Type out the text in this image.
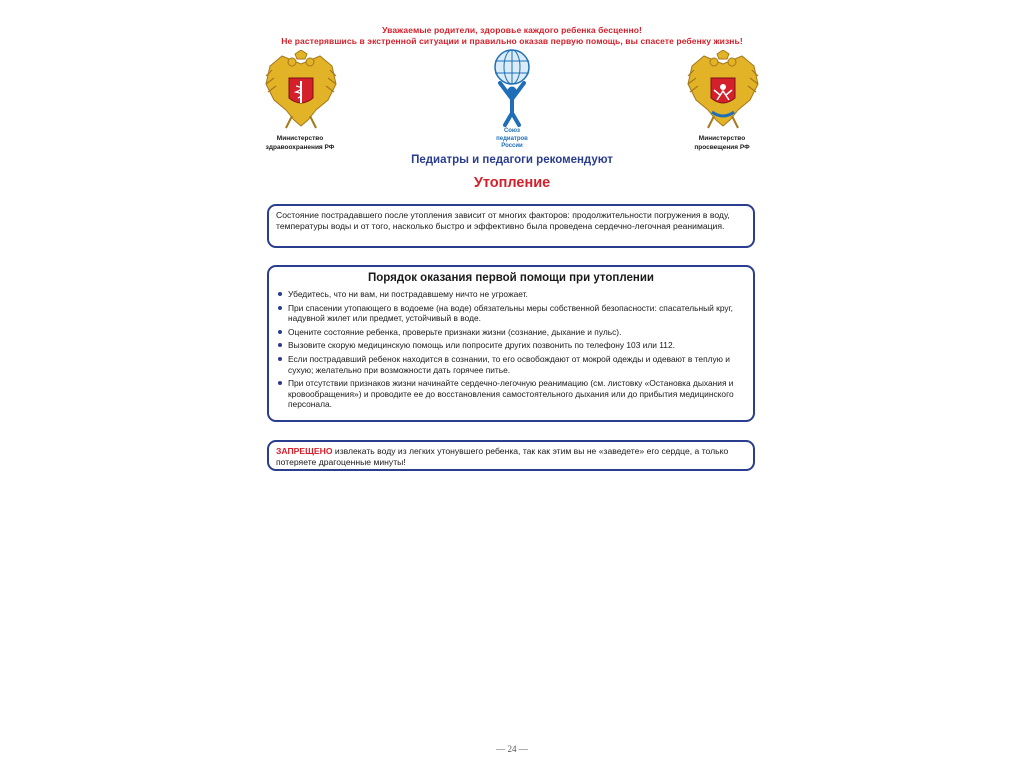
Уважаемые родители, здоровье каждого ребенка бесценно!
Не растерявшись в экстренной ситуации и правильно оказав первую помощь, вы спасете ребенку жизнь!
Министерство
здравоохранения РФ
Союз
педиатров
России
Министерство
просвещения РФ
Педиатры и педагоги рекомендуют
Утопление

Состояние пострадавшего после утопления зависит от многих факторов: продолжительности погружения в воду, температуры воды и от того, насколько быстро и эффективно была проведена сердечно-легочная реанимация.

Порядок оказания первой помощи при утоплении
Убедитесь, что ни вам, ни пострадавшему ничто не угрожает.
При спасении утопающего в водоеме (на воде) обязательны меры собственной безопасности: спасательный круг, надувной жилет или предмет, устойчивый в воде.
Оцените состояние ребенка, проверьте признаки жизни (сознание, дыхание и пульс).
Вызовите скорую медицинскую помощь или попросите других позвонить по телефону 103 или 112.
Если пострадавший ребенок находится в сознании, то его освобождают от мокрой одежды и одевают в теплую и сухую; желательно при возможности дать горячее питье.
При отсутствии признаков жизни начинайте сердечно-легочную реанимацию (см. листовку «Остановка дыхания и кровообращения») и проводите ее до восстановления самостоятельного дыхания или до прибытия медицинского персонала.

ЗАПРЕЩЕНО извлекать воду из легких утонувшего ребенка, так как этим вы не «заведете» его сердце, а только потеряете драгоценные минуты!

— 24 —
